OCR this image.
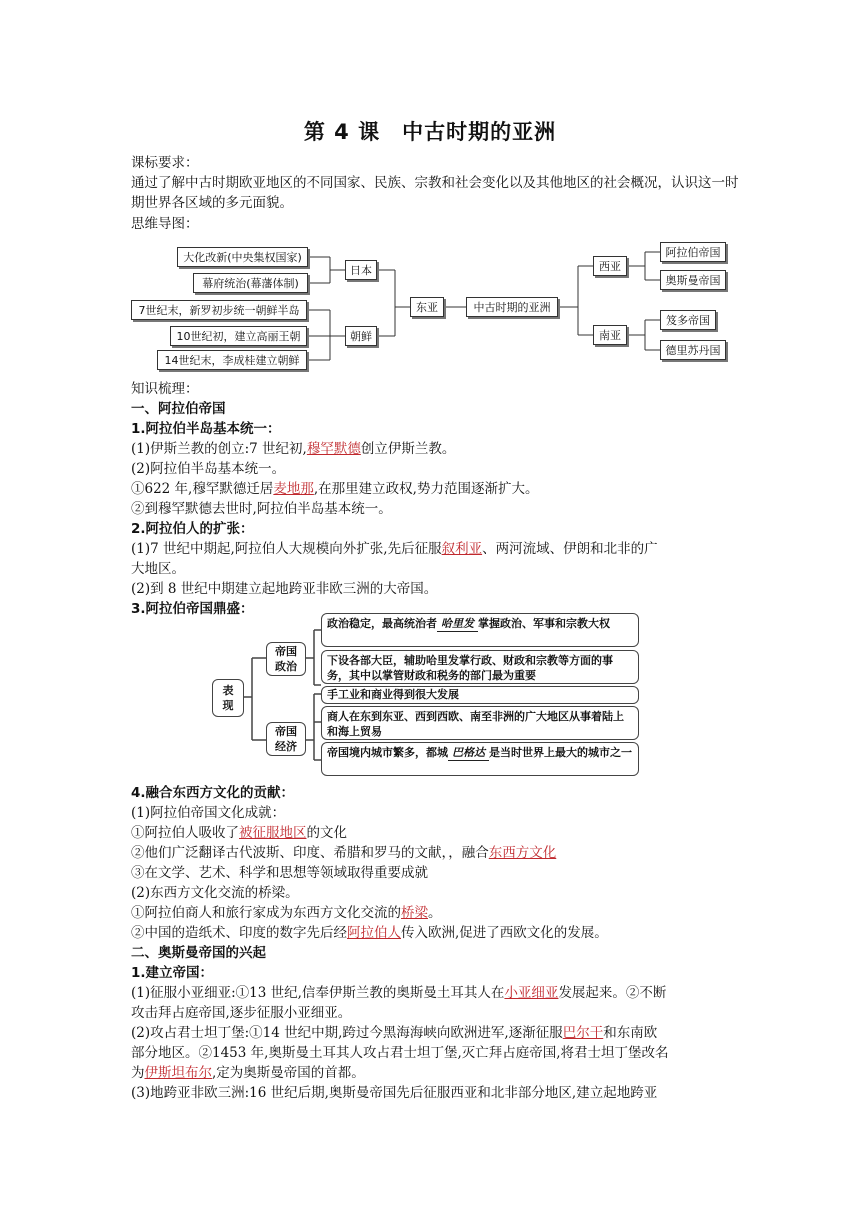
第 4 课　中古时期的亚洲
课标要求：
通过了解中古时期欧亚地区的不同国家、民族、宗教和社会变化以及其他地区的社会概况，认识这一时期世界各区域的多元面貌。
思维导图：
大化改新(中央集权国家)
幕府统治(幕藩体制)
7世纪末，新罗初步统一朝鲜半岛
10世纪初，建立高丽王朝
14世纪末，李成桂建立朝鲜
日本
朝鲜
东亚	中古时期的亚洲
西亚
南亚
阿拉伯帝国
奥斯曼帝国
笈多帝国
德里苏丹国
知识梳理：
一、阿拉伯帝国
1.阿拉伯半岛基本统一：
(1)伊斯兰教的创立:7 世纪初,穆罕默德创立伊斯兰教。
(2)阿拉伯半岛基本统一。
①622 年,穆罕默德迁居麦地那,在那里建立政权,势力范围逐渐扩大。
②到穆罕默德去世时,阿拉伯半岛基本统一。
2.阿拉伯人的扩张：
(1)7 世纪中期起,阿拉伯人大规模向外扩张,先后征服叙利亚、两河流域、伊朗和北非的广
大地区。
(2)到 8 世纪中期建立起地跨亚非欧三洲的大帝国。
3.阿拉伯帝国鼎盛：
表现
帝国政治
帝国经济
政治稳定，最高统治者 哈里发 掌握政治、军事和宗教大权
下设各部大臣，辅助哈里发掌行政、财政和宗教等方面的事务，其中以掌管财政和税务的部门最为重要
手工业和商业得到很大发展
商人在东到东亚、西到西欧、南至非洲的广大地区从事着陆上和海上贸易
帝国境内城市繁多，都城 巴格达 是当时世界上最大的城市之一
4.融合东西方文化的贡献：
(1)阿拉伯帝国文化成就：
①阿拉伯人吸收了被征服地区的文化
②他们广泛翻译古代波斯、印度、希腊和罗马的文献，，融合东西方文化
③在文学、艺术、科学和思想等领域取得重要成就
(2)东西方文化交流的桥梁。
①阿拉伯商人和旅行家成为东西方文化交流的桥梁。
②中国的造纸术、印度的数字先后经阿拉伯人传入欧洲,促进了西欧文化的发展。
二、奥斯曼帝国的兴起
1.建立帝国：
(1)征服小亚细亚:①13 世纪,信奉伊斯兰教的奥斯曼土耳其人在小亚细亚发展起来。②不断
攻击拜占庭帝国,逐步征服小亚细亚。
(2)攻占君士坦丁堡:①14 世纪中期,跨过今黑海海峡向欧洲进军,逐渐征服巴尔干和东南欧
部分地区。②1453 年,奥斯曼土耳其人攻占君士坦丁堡,灭亡拜占庭帝国,将君士坦丁堡改名
为伊斯坦布尔,定为奥斯曼帝国的首都。
(3)地跨亚非欧三洲:16 世纪后期,奥斯曼帝国先后征服西亚和北非部分地区,建立起地跨亚
